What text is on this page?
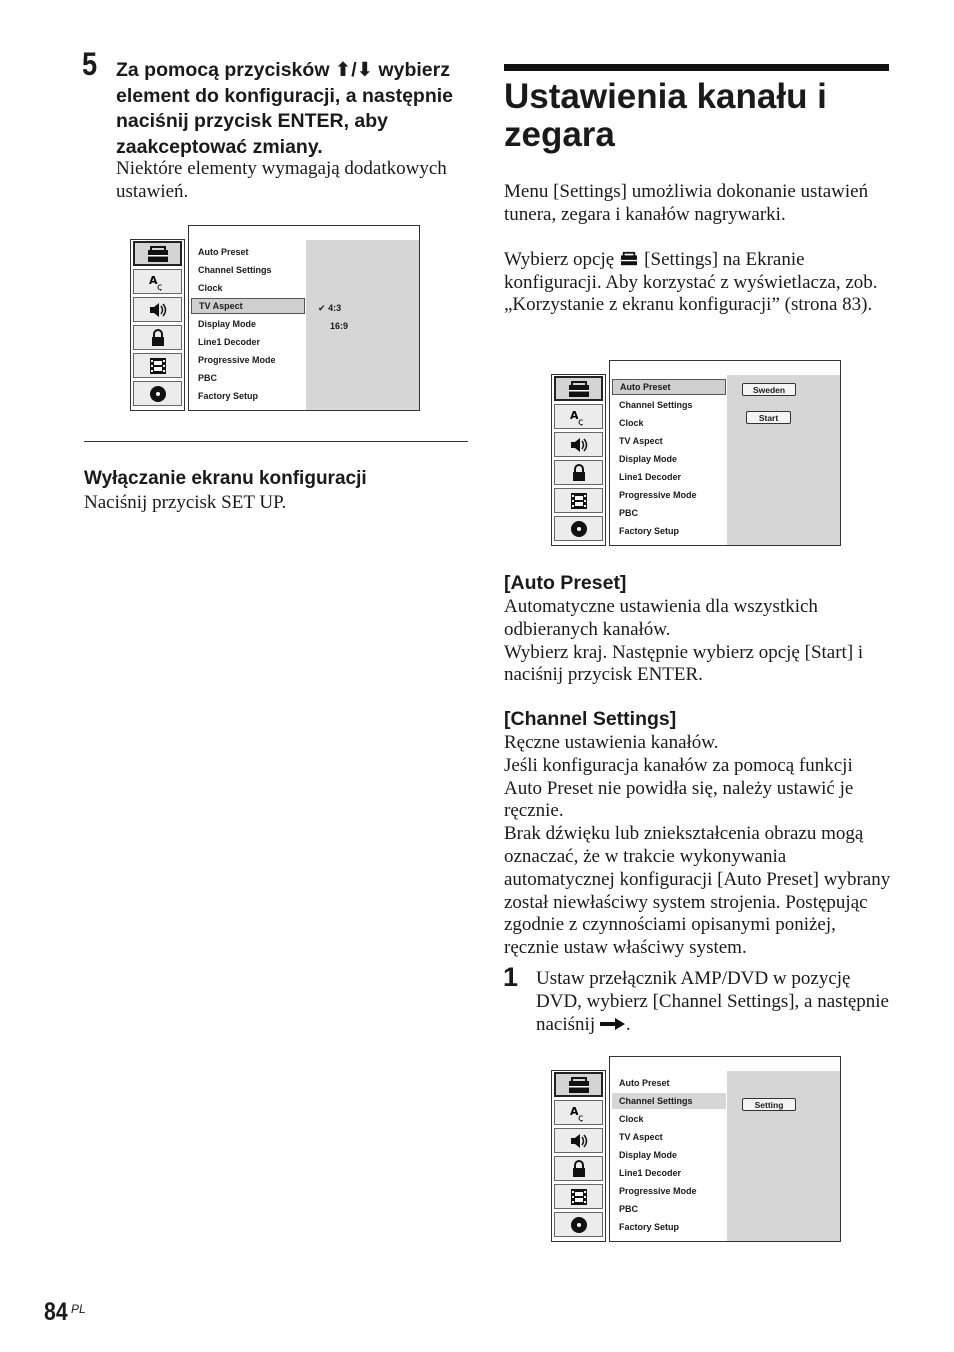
5 Za pomocą przycisków ⬆/⬇ wybierz element do konfiguracji, a następnie naciśnij przycisk ENTER, aby zaakceptować zmiany.
Niektóre elementy wymagają dodatkowych ustawień.
A
ç
Auto Preset
Channel Settings
Clock
TV Aspect
Display Mode
Line1 Decoder
Progressive Mode
PBC
Factory Setup
✔ 4:3
16:9
Wyłączanie ekranu konfiguracji
Naciśnij przycisk SET UP.
Ustawienia kanału i zegara
Menu [Settings] umożliwia dokonanie ustawień tunera, zegara i kanałów nagrywarki.
Wybierz opcję [Settings] na Ekranie konfiguracji. Aby korzystać z wyświetlacza, zob. „Korzystanie z ekranu konfiguracji” (strona 83).
A
ç
Auto Preset
Channel Settings
Clock
TV Aspect
Display Mode
Line1 Decoder
Progressive Mode
PBC
Factory Setup
Sweden
Start
[Auto Preset]
Automatyczne ustawienia dla wszystkich odbieranych kanałów.
Wybierz kraj. Następnie wybierz opcję [Start] i naciśnij przycisk ENTER.
[Channel Settings]
Ręczne ustawienia kanałów.
Jeśli konfiguracja kanałów za pomocą funkcji Auto Preset nie powidła się, należy ustawić je ręcznie.
Brak dźwięku lub zniekształcenia obrazu mogą oznaczać, że w trakcie wykonywania automatycznej konfiguracji [Auto Preset] wybrany został niewłaściwy system strojenia. Postępując zgodnie z czynnościami opisanymi poniżej, ręcznie ustaw właściwy system.
1 Ustaw przełącznik AMP/DVD w pozycję DVD, wybierz [Channel Settings], a następnie naciśnij .
A
ç
Auto Preset
Channel Settings
Clock
TV Aspect
Display Mode
Line1 Decoder
Progressive Mode
PBC
Factory Setup
Setting
84 PL
